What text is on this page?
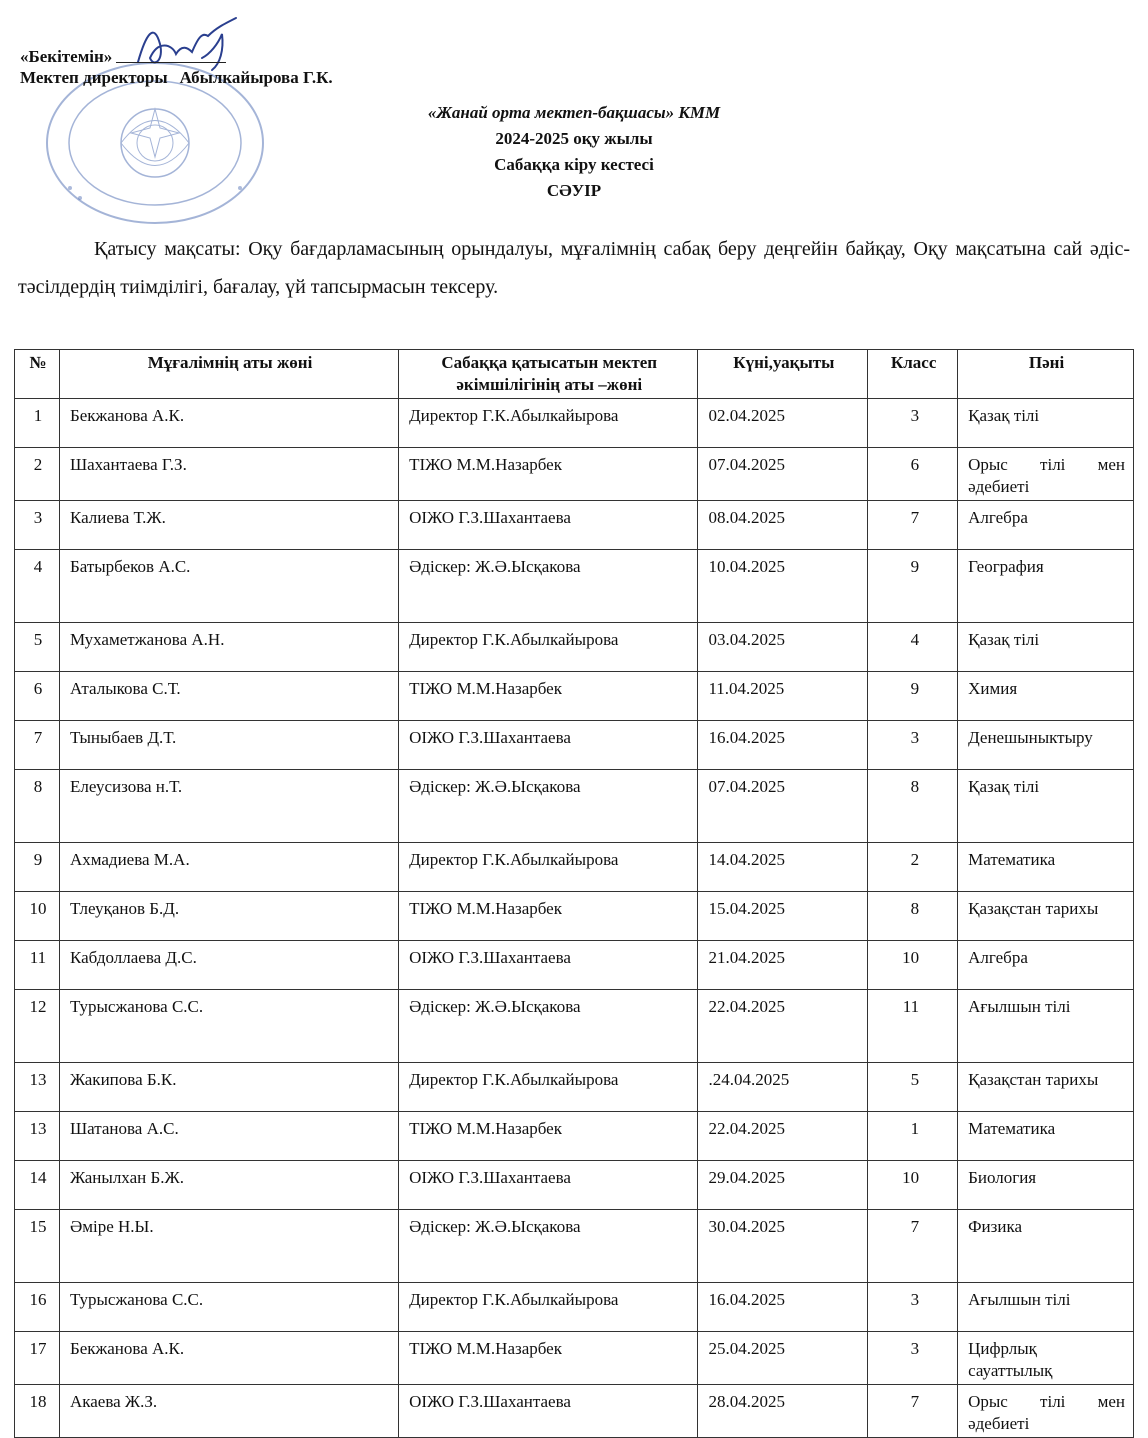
«Бекітемін»
Мектеп директоры Абылкайырова Г.К.
«Жанай орта мектеп-бақшасы» КММ
2024-2025 оқу жылы
Сабаққа кіру кестесі
СӘУІР
Қатысу мақсаты: Оқу бағдарламасының орындалуы, мұғалімнің сабақ беру деңгейін байқау, Оқу мақсатына сай әдіс-тәсілдердің тиімділігі, бағалау, үй тапсырмасын тексеру.
№	Мұғалімнің аты жөні	Сабаққа қатысатын мектеп әкімшілігінің аты –жөні	Күні,уақыты	Класс	Пәні
1	Бекжанова А.К.	Директор Г.К.Абылкайырова	02.04.2025	3	Қазақ тілі
2	Шахантаева Г.З.	ТІЖО М.М.Назарбек	07.04.2025	6	Орыс тілі мен әдебиеті
3	Калиева Т.Ж.	ОІЖО Г.З.Шахантаева	08.04.2025	7	Алгебра
4	Батырбеков А.С.	Әдіскер: Ж.Ә.Ысқакова	10.04.2025	9	География
5	Мухаметжанова А.Н.	Директор Г.К.Абылкайырова	03.04.2025	4	Қазақ тілі
6	Аталыкова С.Т.	ТІЖО М.М.Назарбек	11.04.2025	9	Химия
7	Тыныбаев Д.Т.	ОІЖО Г.З.Шахантаева	16.04.2025	3	Денешыныктыру
8	Елеусизова н.Т.	Әдіскер: Ж.Ә.Ысқакова	07.04.2025	8	Қазақ тілі
9	Ахмадиева М.А.	Директор Г.К.Абылкайырова	14.04.2025	2	Математика
10	Тлеуқанов Б.Д.	ТІЖО М.М.Назарбек	15.04.2025	8	Қазақстан тарихы
11	Кабдоллаева Д.С.	ОІЖО Г.З.Шахантаева	21.04.2025	10	Алгебра
12	Турысжанова С.С.	Әдіскер: Ж.Ә.Ысқакова	22.04.2025	11	Ағылшын тілі
13	Жакипова Б.К.	Директор Г.К.Абылкайырова	.24.04.2025	5	Қазақстан тарихы
13	Шатанова А.С.	ТІЖО М.М.Назарбек	22.04.2025	1	Математика
14	Жанылхан Б.Ж.	ОІЖО Г.З.Шахантаева	29.04.2025	10	Биология
15	Әміре Н.Ы.	Әдіскер: Ж.Ә.Ысқакова	30.04.2025	7	Физика
16	Турысжанова С.С.	Директор Г.К.Абылкайырова	16.04.2025	3	Ағылшын тілі
17	Бекжанова А.К.	ТІЖО М.М.Назарбек	25.04.2025	3	Цифрлық сауаттылық
18	Акаева Ж.З.	ОІЖО Г.З.Шахантаева	28.04.2025	7	Орыс тілі мен әдебиеті
